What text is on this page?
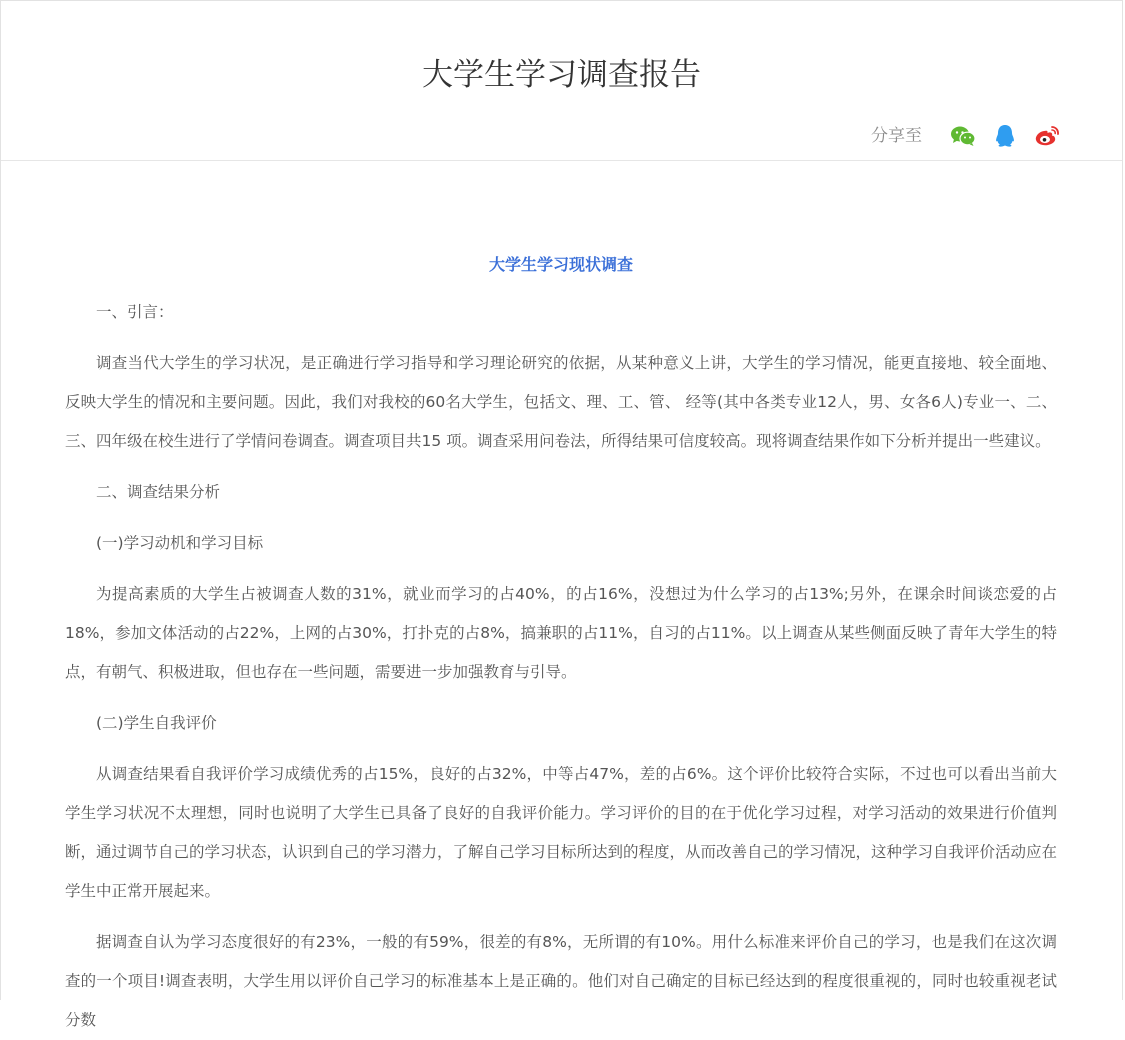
大学生学习调查报告
分享至
大学生学习现状调查

一、引言：

调查当代大学生的学习状况，是正确进行学习指导和学习理论研究的依据，从某种意义上讲，大学生的学习情况，能更直接地、较全面地、 反映大学生的情况和主要问题。因此，我们对我校的60名大学生，包括文、理、工、管、 经等(其中各类专业12人，男、女各6人)专业一、二、三、四年级在校生进行了学情问卷调查。调查项目共15 项。调查采用问卷法，所得结果可信度较高。现将调查结果作如下分析并提出一些建议。

二、调查结果分析

(一)学习动机和学习目标

为提高素质的大学生占被调查人数的31%，就业而学习的占40%，的占16%，没想过为什么学习的占13%;另外，在课余时间谈恋爱的占18%，参加文体活动的占22%，上网的占30%，打扑克的占8%，搞兼职的占11%，自习的占11%。以上调查从某些侧面反映了青年大学生的特点，有朝气、积极进取，但也存在一些问题，需要进一步加强教育与引导。

(二)学生自我评价

从调查结果看自我评价学习成绩优秀的占15%，良好的占32%，中等占47%，差的占6%。这个评价比较符合实际，不过也可以看出当前大学生学习状况不太理想，同时也说明了大学生已具备了良好的自我评价能力。学习评价的目的在于优化学习过程，对学习活动的效果进行价值判断，通过调节自己的学习状态，认识到自己的学习潜力，了解自己学习目标所达到的程度，从而改善自己的学习情况，这种学习自我评价活动应在学生中正常开展起来。

据调查自认为学习态度很好的有23%，一般的有59%，很差的有8%，无所谓的有10%。用什么标准来评价自己的学习，也是我们在这次调查的一个项目!调查表明，大学生用以评价自己学习的标准基本上是正确的。他们对自己确定的目标已经达到的程度很重视的，同时也较重视老试分数
